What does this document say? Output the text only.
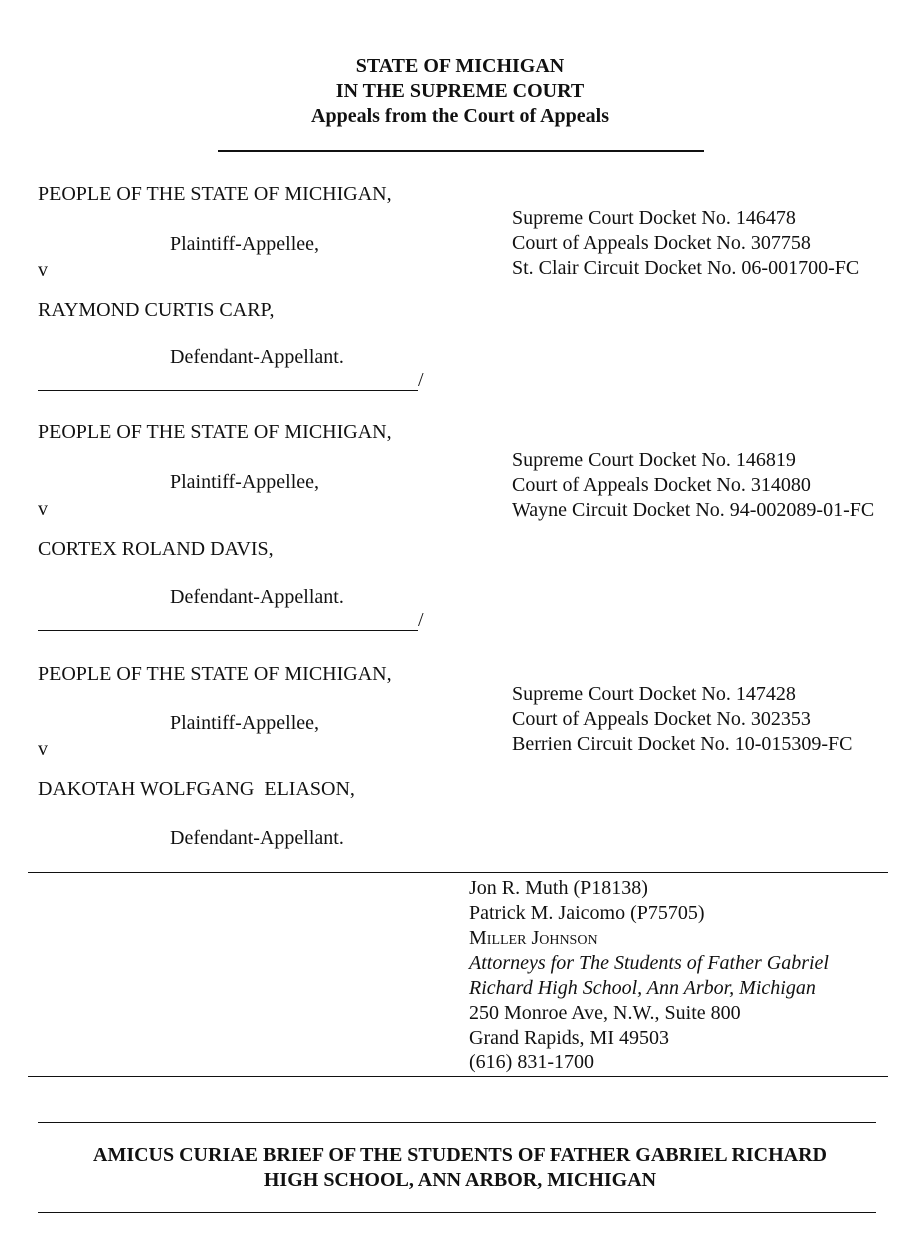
STATE OF MICHIGAN
IN THE SUPREME COURT
Appeals from the Court of Appeals
PEOPLE OF THE STATE OF MICHIGAN,
Plaintiff-Appellee,
v
RAYMOND CURTIS CARP,
Defendant-Appellant.
/
Supreme Court Docket No. 146478
Court of Appeals Docket No. 307758
St. Clair Circuit Docket No. 06-001700-FC
PEOPLE OF THE STATE OF MICHIGAN,
Plaintiff-Appellee,
v
CORTEX ROLAND DAVIS,
Defendant-Appellant.
/
Supreme Court Docket No. 146819
Court of Appeals Docket No. 314080
Wayne Circuit Docket No. 94-002089-01-FC
PEOPLE OF THE STATE OF MICHIGAN,
Plaintiff-Appellee,
v
DAKOTAH WOLFGANG  ELIASON,
Defendant-Appellant.
Supreme Court Docket No. 147428
Court of Appeals Docket No. 302353
Berrien Circuit Docket No. 10-015309-FC
Jon R. Muth (P18138)
Patrick M. Jaicomo (P75705)
Miller Johnson
Attorneys for The Students of Father Gabriel
Richard High School, Ann Arbor, Michigan
250 Monroe Ave, N.W., Suite 800
Grand Rapids, MI 49503
(616) 831-1700
AMICUS CURIAE BRIEF OF THE STUDENTS OF FATHER GABRIEL RICHARD
HIGH SCHOOL, ANN ARBOR, MICHIGAN
